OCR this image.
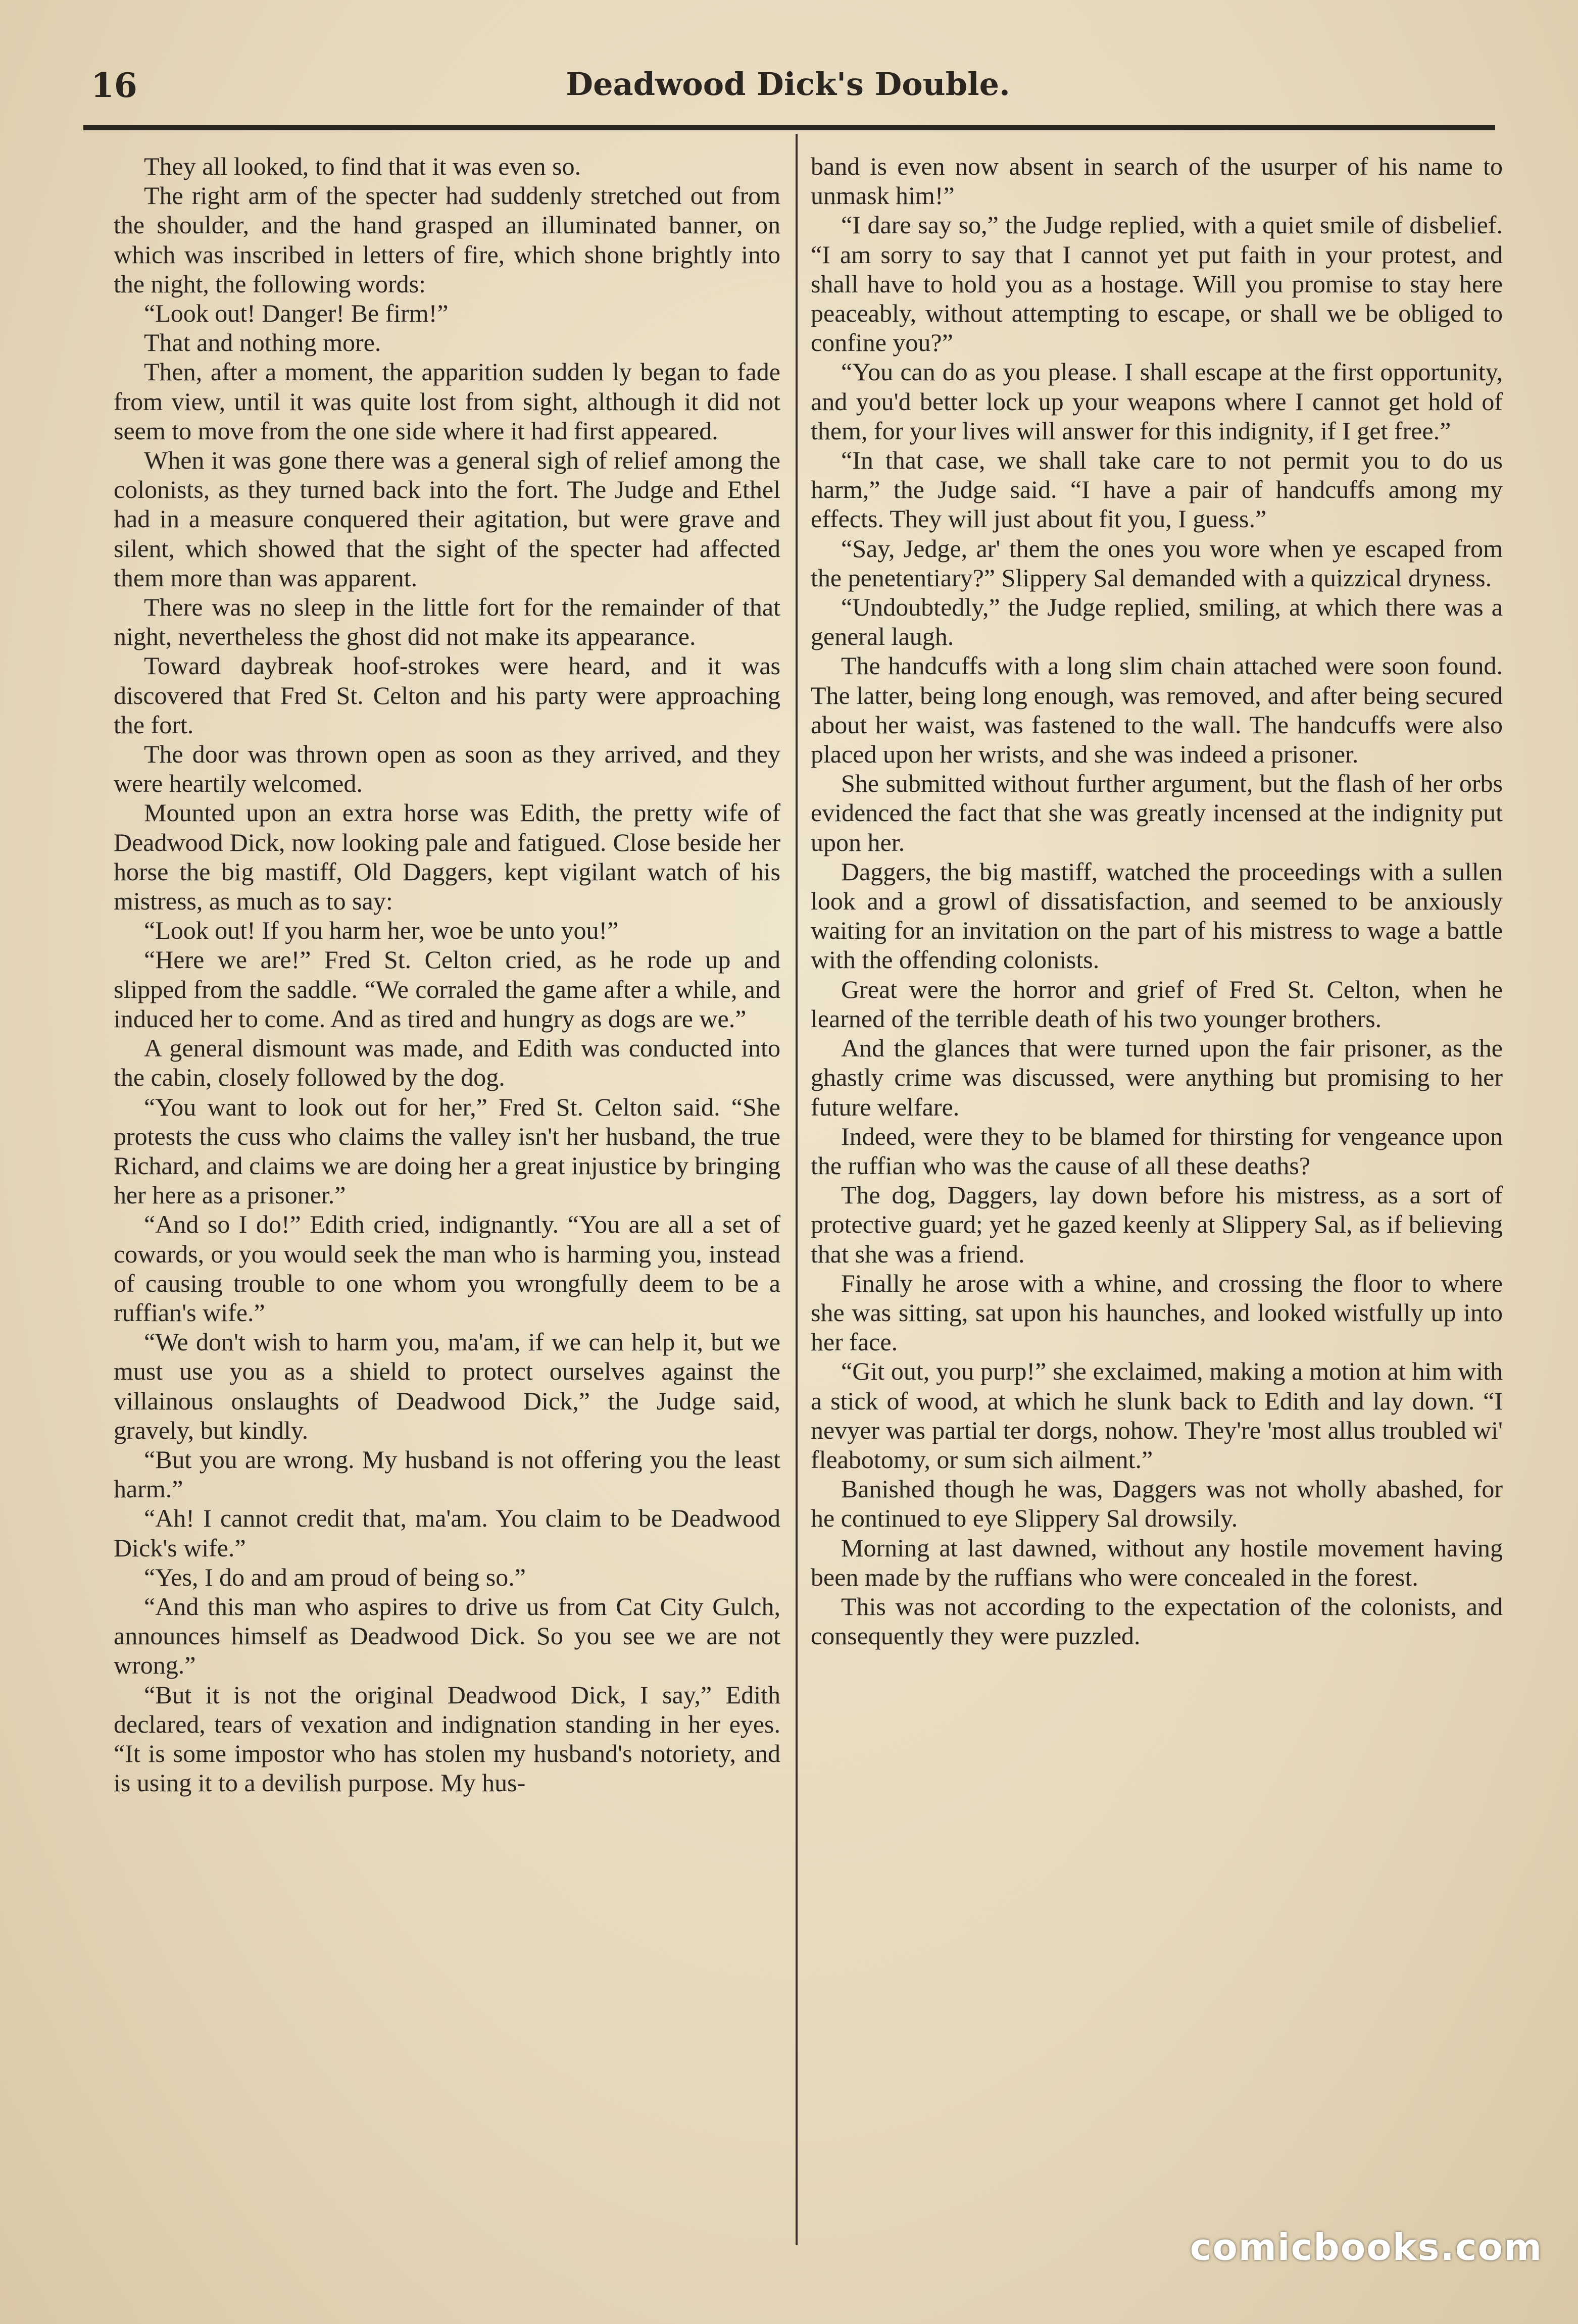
16	Deadwood Dick's Double.

They all looked, to find that it was even so.

The right arm of the specter had suddenly stretched out from the shoulder, and the hand grasped an illuminated banner, on which was inscribed in letters of fire, which shone brightly into the night, the following words:

“Look out! Danger! Be firm!”

That and nothing more.

Then, after a moment, the apparition sudden ly began to fade from view, until it was quite lost from sight, although it did not seem to move from the one side where it had first appeared.

When it was gone there was a general sigh of relief among the colonists, as they turned back into the fort. The Judge and Ethel had in a measure conquered their agitation, but were grave and silent, which showed that the sight of the specter had affected them more than was apparent.

There was no sleep in the little fort for the remainder of that night, nevertheless the ghost did not make its appearance.

Toward daybreak hoof-strokes were heard, and it was discovered that Fred St. Celton and his party were approaching the fort.

The door was thrown open as soon as they arrived, and they were heartily welcomed.

Mounted upon an extra horse was Edith, the pretty wife of Deadwood Dick, now looking pale and fatigued. Close beside her horse the big mastiff, Old Daggers, kept vigilant watch of his mistress, as much as to say:

“Look out! If you harm her, woe be unto you!”

“Here we are!” Fred St. Celton cried, as he rode up and slipped from the saddle. “We corraled the game after a while, and induced her to come. And as tired and hungry as dogs are we.”

A general dismount was made, and Edith was conducted into the cabin, closely followed by the dog.

“You want to look out for her,” Fred St. Celton said. “She protests the cuss who claims the valley isn't her husband, the true Richard, and claims we are doing her a great injustice by bringing her here as a prisoner.”

“And so I do!” Edith cried, indignantly. “You are all a set of cowards, or you would seek the man who is harming you, instead of causing trouble to one whom you wrongfully deem to be a ruffian's wife.”

“We don't wish to harm you, ma'am, if we can help it, but we must use you as a shield to protect ourselves against the villainous onslaughts of Deadwood Dick,” the Judge said, gravely, but kindly.

“But you are wrong. My husband is not offering you the least harm.”

“Ah! I cannot credit that, ma'am. You claim to be Deadwood Dick's wife.”

“Yes, I do and am proud of being so.”

“And this man who aspires to drive us from Cat City Gulch, announces himself as Deadwood Dick. So you see we are not wrong.”

“But it is not the original Deadwood Dick, I say,” Edith declared, tears of vexation and indignation standing in her eyes. “It is some impostor who has stolen my husband's notoriety, and is using it to a devilish purpose. My hus-

band is even now absent in search of the usurper of his name to unmask him!”

“I dare say so,” the Judge replied, with a quiet smile of disbelief. “I am sorry to say that I cannot yet put faith in your protest, and shall have to hold you as a hostage. Will you promise to stay here peaceably, without attempting to escape, or shall we be obliged to confine you?”

“You can do as you please. I shall escape at the first opportunity, and you'd better lock up your weapons where I cannot get hold of them, for your lives will answer for this indignity, if I get free.”

“In that case, we shall take care to not permit you to do us harm,” the Judge said. “I have a pair of handcuffs among my effects. They will just about fit you, I guess.”

“Say, Jedge, ar' them the ones you wore when ye escaped from the penetentiary?” Slippery Sal demanded with a quizzical dryness.

“Undoubtedly,” the Judge replied, smiling, at which there was a general laugh.

The handcuffs with a long slim chain attached were soon found. The latter, being long enough, was removed, and after being secured about her waist, was fastened to the wall. The handcuffs were also placed upon her wrists, and she was indeed a prisoner.

She submitted without further argument, but the flash of her orbs evidenced the fact that she was greatly incensed at the indignity put upon her.

Daggers, the big mastiff, watched the proceedings with a sullen look and a growl of dissatisfaction, and seemed to be anxiously waiting for an invitation on the part of his mistress to wage a battle with the offending colonists.

Great were the horror and grief of Fred St. Celton, when he learned of the terrible death of his two younger brothers.

And the glances that were turned upon the fair prisoner, as the ghastly crime was discussed, were anything but promising to her future welfare.

Indeed, were they to be blamed for thirsting for vengeance upon the ruffian who was the cause of all these deaths?

The dog, Daggers, lay down before his mistress, as a sort of protective guard; yet he gazed keenly at Slippery Sal, as if believing that she was a friend.

Finally he arose with a whine, and crossing the floor to where she was sitting, sat upon his haunches, and looked wistfully up into her face.

“Git out, you purp!” she exclaimed, making a motion at him with a stick of wood, at which he slunk back to Edith and lay down. “I nevyer was partial ter dorgs, nohow. They're 'most allus troubled wi' fleabotomy, or sum sich ailment.”

Banished though he was, Daggers was not wholly abashed, for he continued to eye Slippery Sal drowsily.

Morning at last dawned, without any hostile movement having been made by the ruffians who were concealed in the forest.

This was not according to the expectation of the colonists, and consequently they were puzzled.

comicbooks.com
